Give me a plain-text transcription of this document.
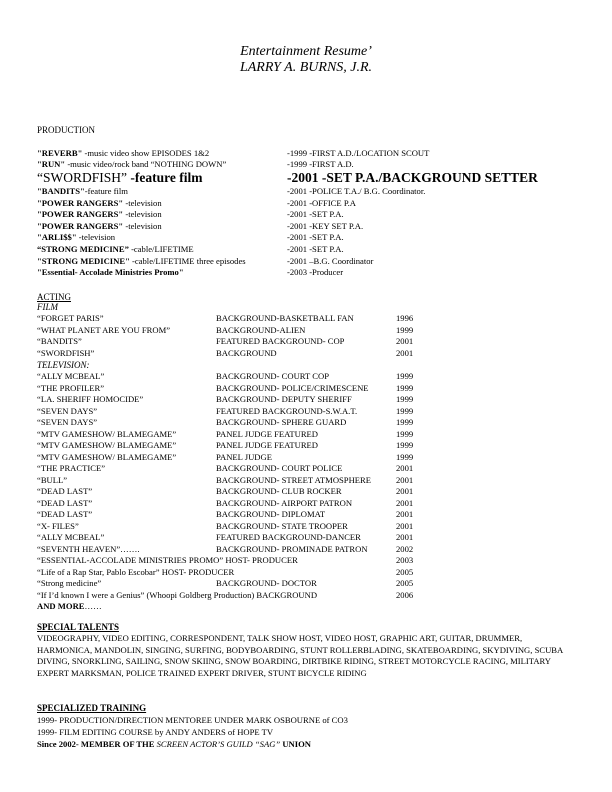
Entertainment Resume’
LARRY A. BURNS, J.R.
PRODUCTION
"REVERB" -music video show EPISODES 1&2	-1999 -FIRST A.D./LOCATION SCOUT
"RUN" -music video/rock band “NOTHING DOWN”	-1999 -FIRST A.D.
“SWORDFISH” -feature film	-2001 -SET P.A./BACKGROUND SETTER
"BANDITS"-feature film	-2001 -POLICE T.A./ B.G. Coordinator.
"POWER RANGERS" -television	-2001 -OFFICE P.A
"POWER RANGERS" -television	-2001 -SET P.A.
"POWER RANGERS" -television	-2001 -KEY SET P.A.
"ARLI$$" -television	-2001 -SET P.A.
“STRONG MEDICINE” -cable/LIFETIME	-2001 -SET P.A.
"STRONG MEDICINE" -cable/LIFETIME three episodes	-2001 –B.G. Coordinator
"Essential- Accolade Ministries Promo"	-2003 -Producer
ACTING
FILM
“FORGET PARIS”	BACKGROUND-BASKETBALL FAN	1996
“WHAT PLANET ARE YOU FROM”	BACKGROUND-ALIEN	1999
“BANDITS”	FEATURED BACKGROUND- COP	2001
“SWORDFISH”	BACKGROUND	2001
TELEVISION:
“ALLY MCBEAL”	BACKGROUND- COURT COP	1999
“THE PROFILER”	BACKGROUND- POLICE/CRIMESCENE	1999
“LA. SHERIFF HOMOCIDE”	BACKGROUND- DEPUTY SHERIFF	1999
“SEVEN DAYS”	FEATURED BACKGROUND-S.W.A.T.	1999
“SEVEN DAYS”	BACKGROUND- SPHERE GUARD	1999
“MTV GAMESHOW/ BLAMEGAME”	PANEL JUDGE FEATURED	1999
“MTV GAMESHOW/ BLAMEGAME”	PANEL JUDGE FEATURED	1999
“MTV GAMESHOW/ BLAMEGAME”	PANEL JUDGE	1999
“THE PRACTICE”	BACKGROUND- COURT POLICE	2001
“BULL”	BACKGROUND- STREET ATMOSPHERE	2001
“DEAD LAST”	BACKGROUND- CLUB ROCKER	2001
“DEAD LAST”	BACKGROUND- AIRPORT PATRON	2001
“DEAD LAST”	BACKGROUND- DIPLOMAT	2001
“X- FILES”	BACKGROUND- STATE TROOPER	2001
“ALLY MCBEAL”	FEATURED BACKGROUND-DANCER	2001
“SEVENTH HEAVEN”…….	BACKGROUND- PROMINADE PATRON	2002
“ESSENTIAL-ACCOLADE MINISTRIES PROMO” HOST- PRODUCER	2003
“Life of a Rap Star, Pablo Escobar” HOST- PRODUCER	2005
“Strong medicine”	BACKGROUND- DOCTOR	2005
“If I’d known I were a Genius” (Whoopi Goldberg Production) BACKGROUND	2006
AND MORE……
SPECIAL TALENTS
VIDEOGRAPHY, VIDEO EDITING, CORRESPONDENT, TALK SHOW HOST, VIDEO HOST, GRAPHIC ART, GUITAR, DRUMMER, HARMONICA, MANDOLIN, SINGING, SURFING, BODYBOARDING, STUNT ROLLERBLADING, SKATEBOARDING, SKYDIVING, SCUBA DIVING, SNORKLING, SAILING, SNOW SKIING, SNOW BOARDING, DIRTBIKE RIDING, STREET MOTORCYCLE RACING, MILITARY EXPERT MARKSMAN, POLICE TRAINED EXPERT DRIVER, STUNT BICYCLE RIDING
SPECIALIZED TRAINING
1999- PRODUCTION/DIRECTION MENTOREE UNDER MARK OSBOURNE of CO3
1999- FILM EDITING COURSE by ANDY ANDERS of HOPE TV
Since 2002- MEMBER OF THE SCREEN ACTOR’S GUILD “SAG” UNION
